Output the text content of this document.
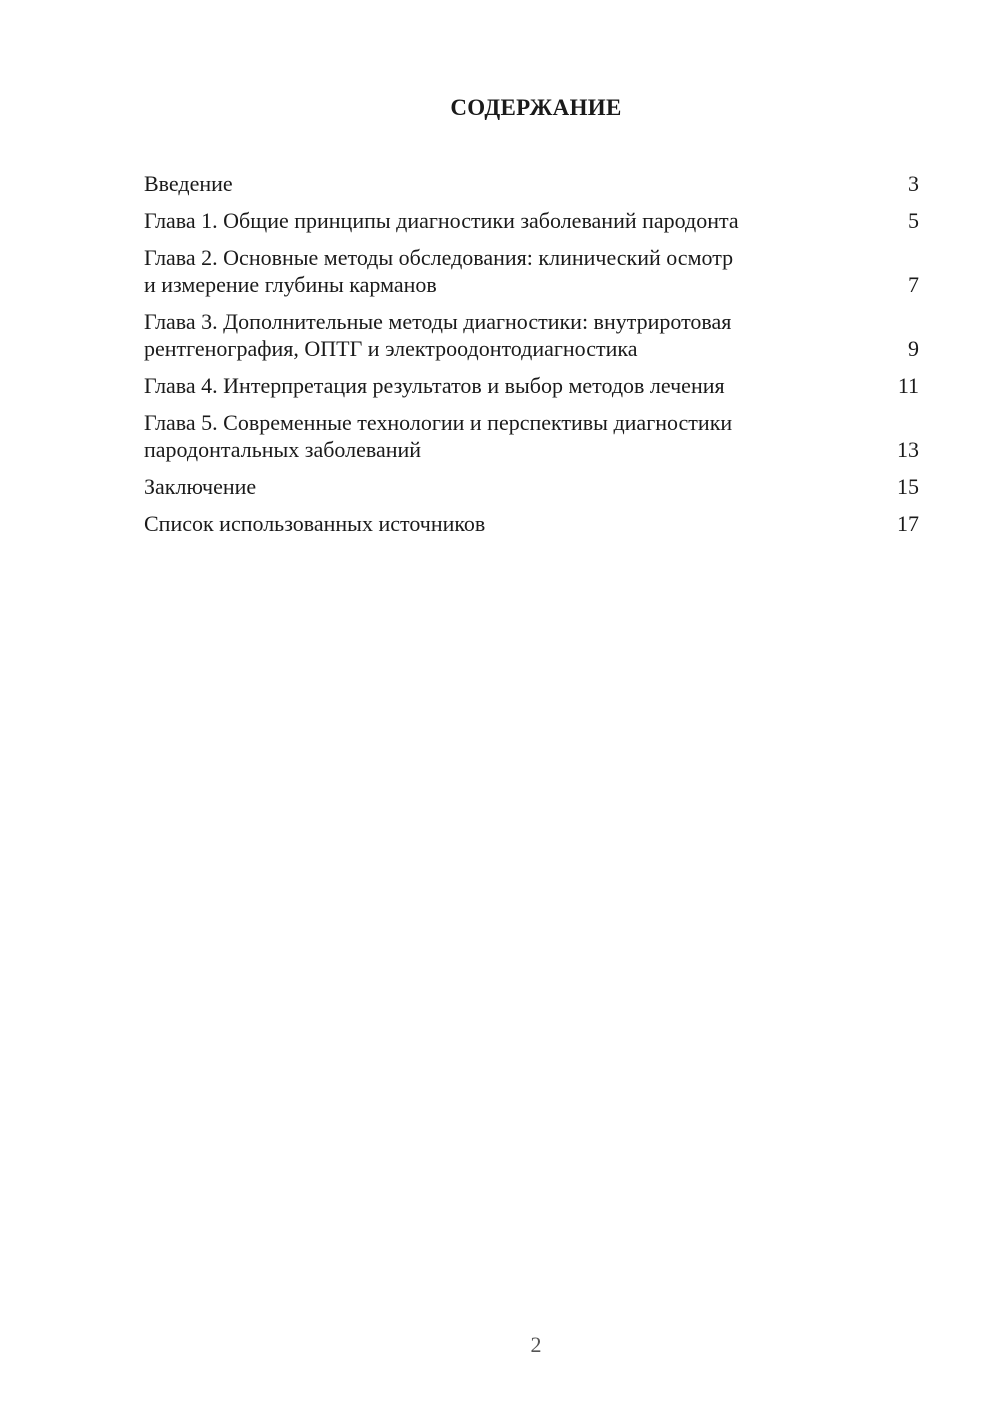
СОДЕРЖАНИЕ
Введение	3
Глава 1. Общие принципы диагностики заболеваний пародонта	5
Глава 2. Основные методы обследования: клинический осмотр
и измерение глубины карманов	7
Глава 3. Дополнительные методы диагностики: внутриротовая
рентгенография, ОПТГ и электроодонтодиагностика	9
Глава 4. Интерпретация результатов и выбор методов лечения	11
Глава 5. Современные технологии и перспективы диагностики
пародонтальных заболеваний	13
Заключение	15
Список использованных источников	17
2
